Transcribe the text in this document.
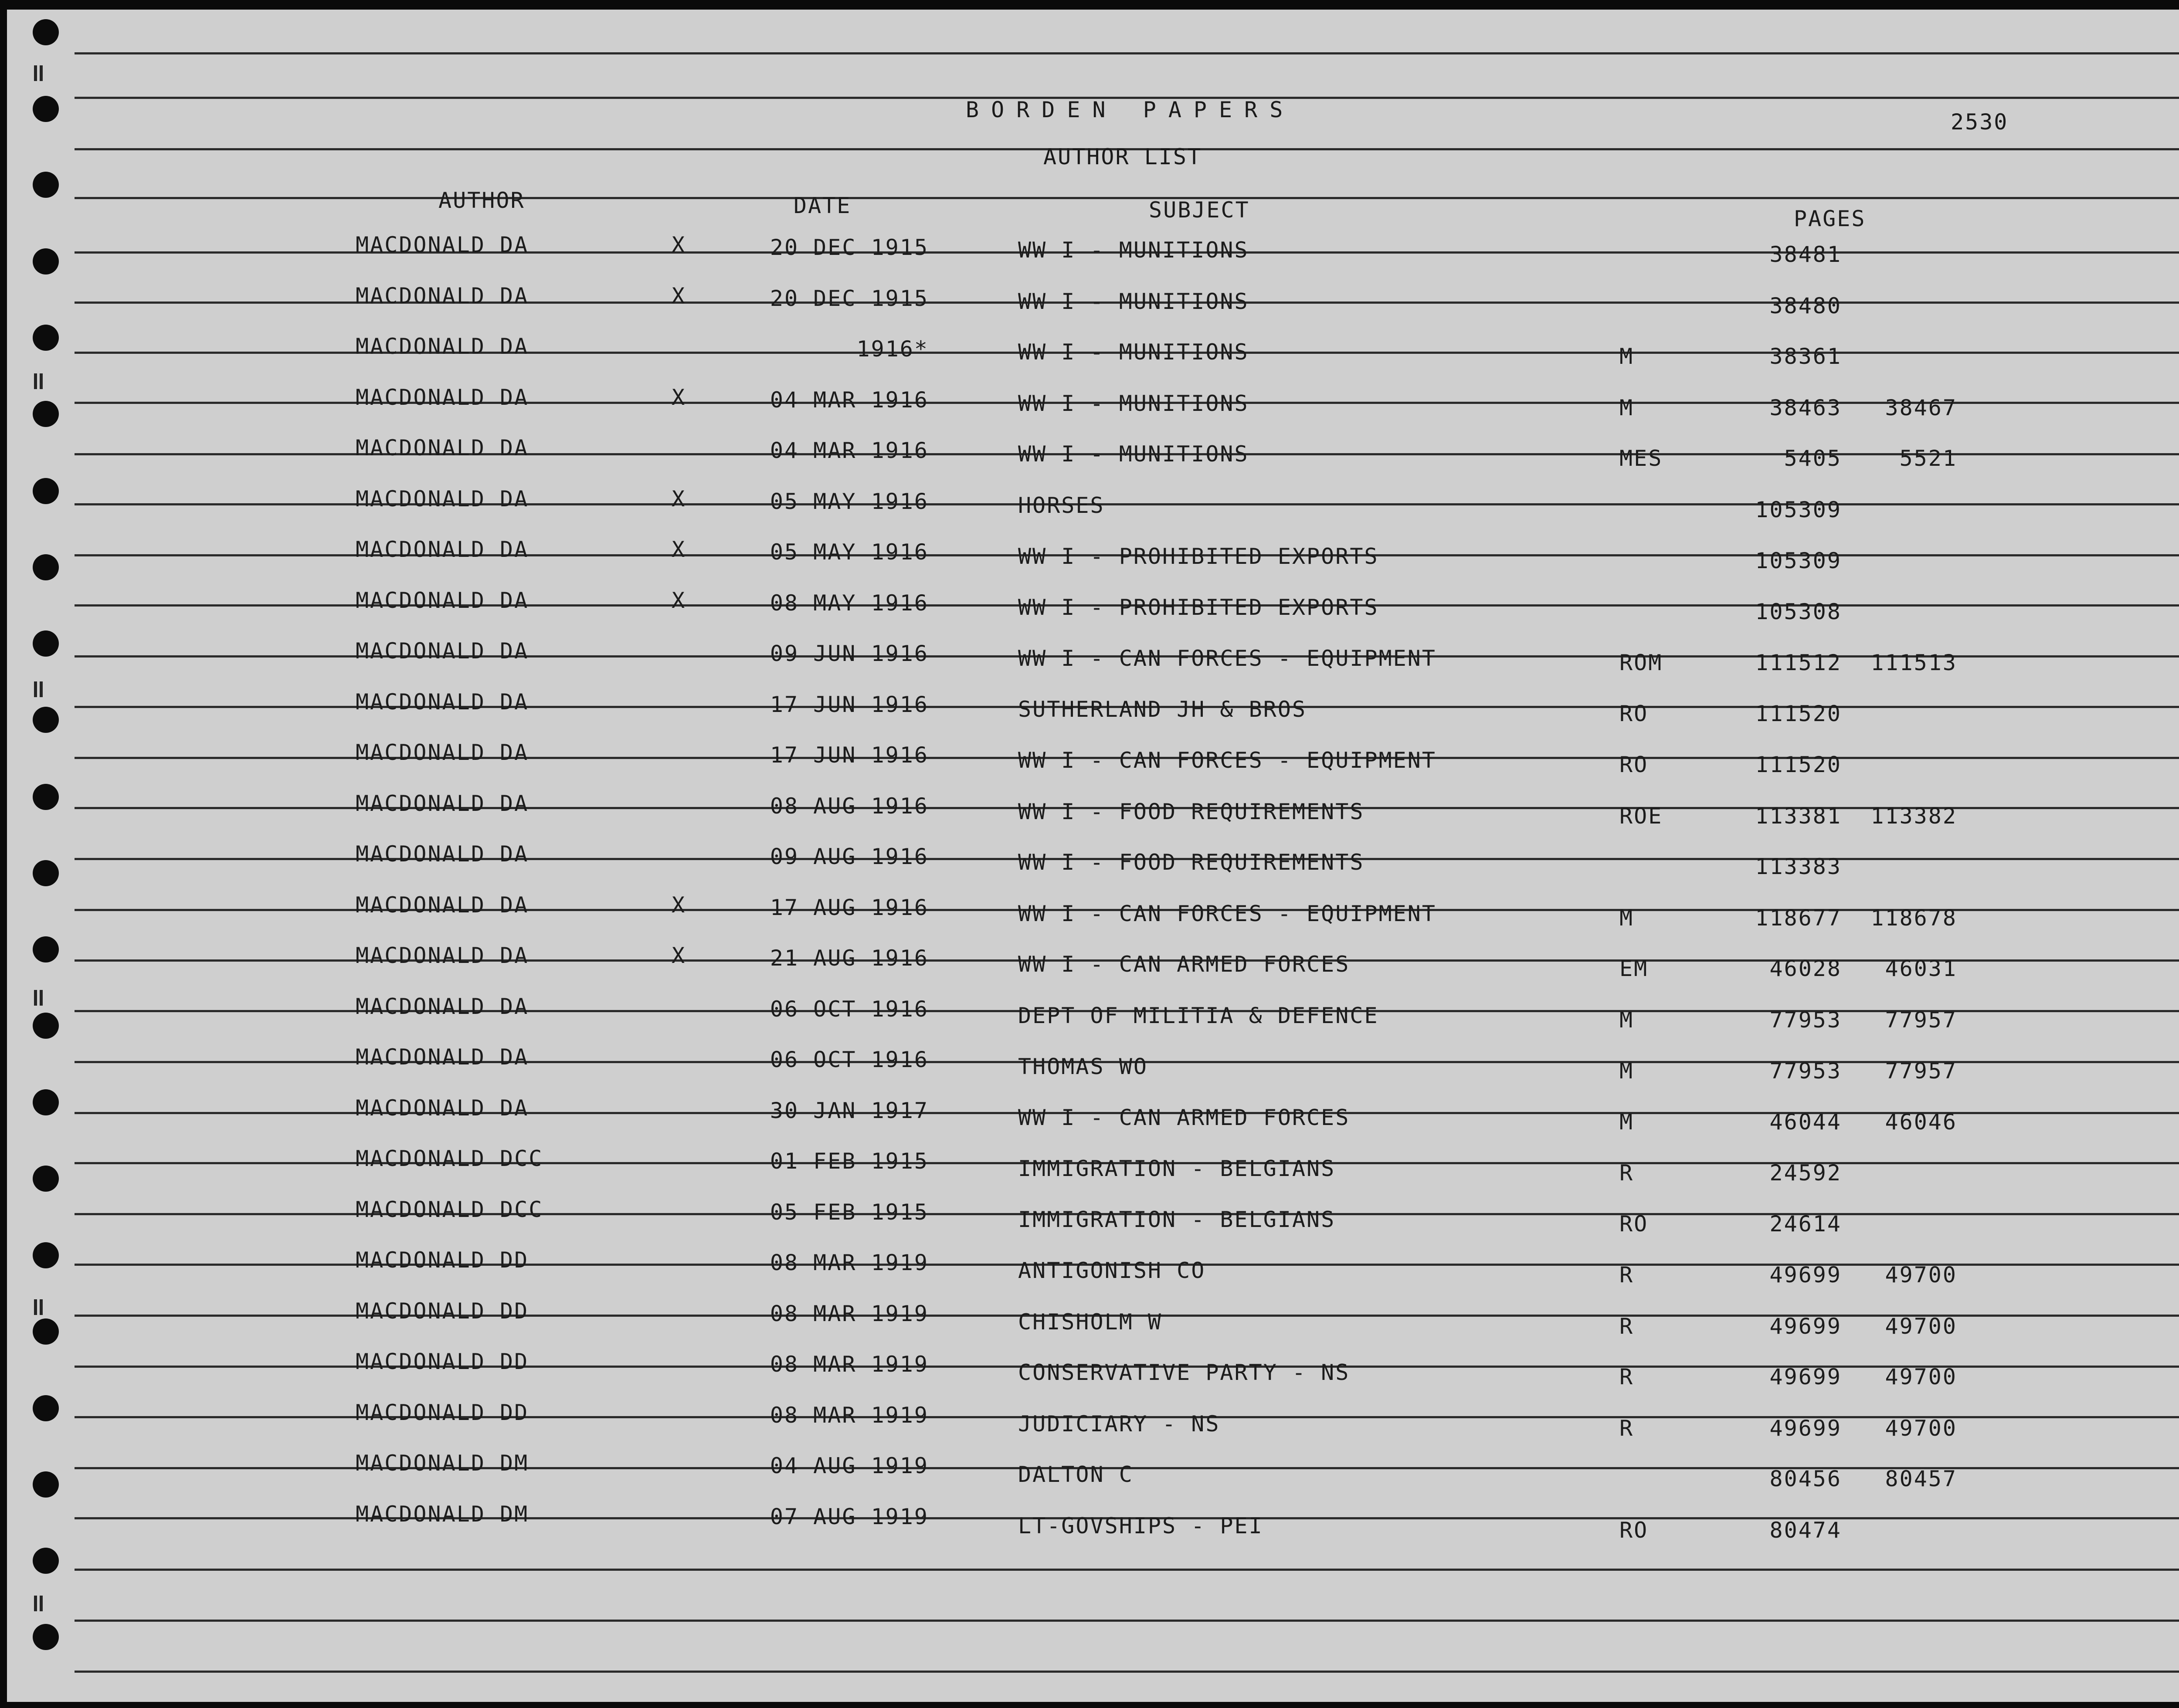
BORDEN PAPERS	2530
AUTHOR LIST
AUTHOR	DATE	SUBJECT	PAGES
MACDONALD DA	X	20 DEC 1915	WW I - MUNITIONS	38481
MACDONALD DA	X	20 DEC 1915	WW I - MUNITIONS	38480
MACDONALD DA	1916*	WW I - MUNITIONS	M	38361
MACDONALD DA	X	04 MAR 1916	WW I - MUNITIONS	M	38463	38467
MACDONALD DA	04 MAR 1916	WW I - MUNITIONS	MES	5405	5521
MACDONALD DA	X	05 MAY 1916	HORSES	105309
MACDONALD DA	X	05 MAY 1916	WW I - PROHIBITED EXPORTS	105309
MACDONALD DA	X	08 MAY 1916	WW I - PROHIBITED EXPORTS	105308
MACDONALD DA	09 JUN 1916	WW I - CAN FORCES - EQUIPMENT	ROM	111512	111513
MACDONALD DA	17 JUN 1916	SUTHERLAND JH & BROS	RO	111520
MACDONALD DA	17 JUN 1916	WW I - CAN FORCES - EQUIPMENT	RO	111520
MACDONALD DA	08 AUG 1916	WW I - FOOD REQUIREMENTS	ROE	113381	113382
MACDONALD DA	09 AUG 1916	WW I - FOOD REQUIREMENTS	113383
MACDONALD DA	X	17 AUG 1916	WW I - CAN FORCES - EQUIPMENT	M	118677	118678
MACDONALD DA	X	21 AUG 1916	WW I - CAN ARMED FORCES	EM	46028	46031
MACDONALD DA	06 OCT 1916	DEPT OF MILITIA & DEFENCE	M	77953	77957
MACDONALD DA	06 OCT 1916	THOMAS WO	M	77953	77957
MACDONALD DA	30 JAN 1917	WW I - CAN ARMED FORCES	M	46044	46046
MACDONALD DCC	01 FEB 1915	IMMIGRATION - BELGIANS	R	24592
MACDONALD DCC	05 FEB 1915	IMMIGRATION - BELGIANS	RO	24614
MACDONALD DD	08 MAR 1919	ANTIGONISH CO	R	49699	49700
MACDONALD DD	08 MAR 1919	CHISHOLM W	R	49699	49700
MACDONALD DD	08 MAR 1919	CONSERVATIVE PARTY - NS	R	49699	49700
MACDONALD DD	08 MAR 1919	JUDICIARY - NS	R	49699	49700
MACDONALD DM	04 AUG 1919	DALTON C	80456	80457
MACDONALD DM	07 AUG 1919	LT-GOVSHIPS - PEI	RO	80474
